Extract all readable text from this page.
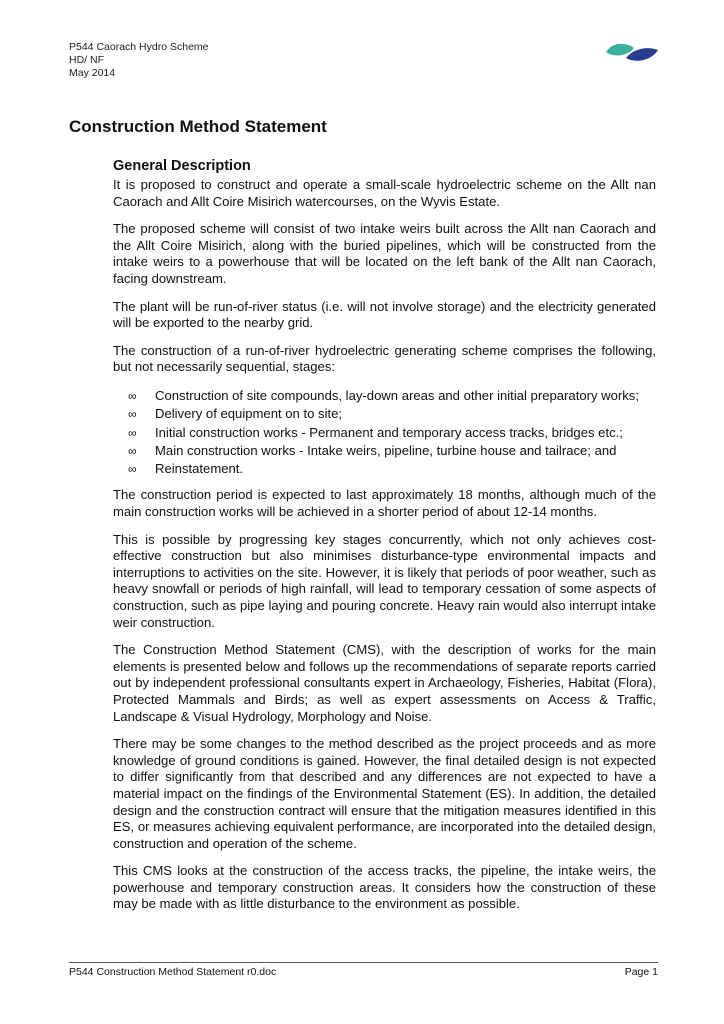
P544 Caorach Hydro Scheme
HD/ NF
May 2014
Construction Method Statement
General Description

It is proposed to construct and operate a small-scale hydroelectric scheme on the Allt nan Caorach and Allt Coire Misirich watercourses, on the Wyvis Estate.

The proposed scheme will consist of two intake weirs built across the Allt nan Caorach and the Allt Coire Misirich, along with the buried pipelines, which will be constructed from the intake weirs to a powerhouse that will be located on the left bank of the Allt nan Caorach, facing downstream.

The plant will be run-of-river status (i.e. will not involve storage) and the electricity generated will be exported to the nearby grid.

The construction of a run-of-river hydroelectric generating scheme comprises the following, but not necessarily sequential, stages:

∞	Construction of site compounds, lay-down areas and other initial preparatory works;
∞	Delivery of equipment on to site;
∞	Initial construction works - Permanent and temporary access tracks, bridges etc.;
∞	Main construction works - Intake weirs, pipeline, turbine house and tailrace; and
∞	Reinstatement.

The construction period is expected to last approximately 18 months, although much of the main construction works will be achieved in a shorter period of about 12-14 months.

This is possible by progressing key stages concurrently, which not only achieves cost-effective construction but also minimises disturbance-type environmental impacts and interruptions to activities on the site. However, it is likely that periods of poor weather, such as heavy snowfall or periods of high rainfall, will lead to temporary cessation of some aspects of construction, such as pipe laying and pouring concrete. Heavy rain would also interrupt intake weir construction.

The Construction Method Statement (CMS), with the description of works for the main elements is presented below and follows up the recommendations of separate reports carried out by independent professional consultants expert in Archaeology, Fisheries, Habitat (Flora), Protected Mammals and Birds; as well as expert assessments on Access & Traffic, Landscape & Visual Hydrology, Morphology and Noise.

There may be some changes to the method described as the project proceeds and as more knowledge of ground conditions is gained. However, the final detailed design is not expected to differ significantly from that described and any differences are not expected to have a material impact on the findings of the Environmental Statement (ES). In addition, the detailed design and the construction contract will ensure that the mitigation measures identified in this ES, or measures achieving equivalent performance, are incorporated into the detailed design, construction and operation of the scheme.

This CMS looks at the construction of the access tracks, the pipeline, the intake weirs, the powerhouse and temporary construction areas. It considers how the construction of these may be made with as little disturbance to the environment as possible.

P544 Construction Method Statement r0.doc	Page 1
